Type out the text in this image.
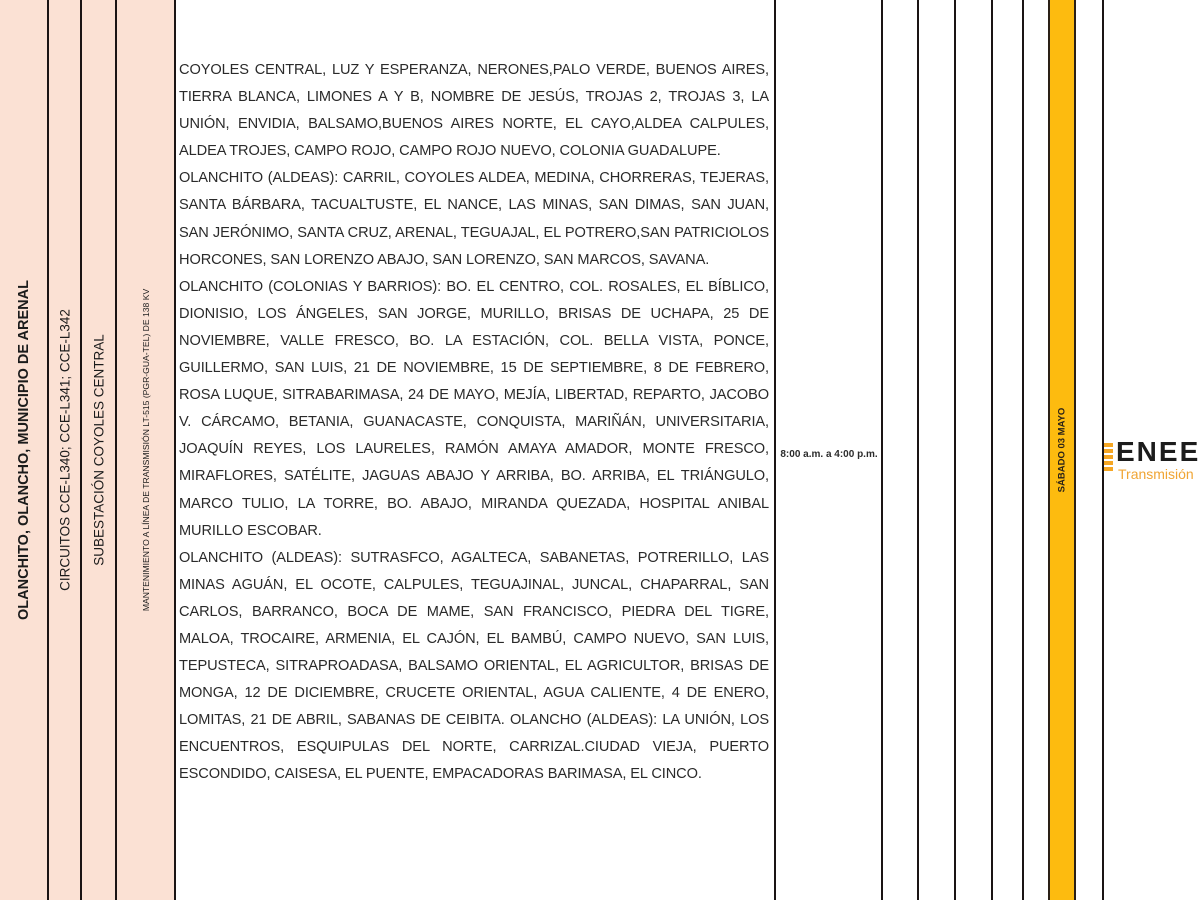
OLANCHITO, OLANCHO, MUNICIPIO DE ARENAL CIRCUITOS CCE-L340; CCE-L341; CCE-L342 SUBESTACIÓN COYOLES CENTRAL	MANTENIMIENTO A LÍNEA DE TRANSMISIÓN LT-515 (PGR-GUA-TEL) DE 138 KV

COYOLES CENTRAL, LUZ Y ESPERANZA, NERONES,PALO VERDE, BUENOS AIRES, TIERRA BLANCA, LIMONES A Y B, NOMBRE DE JESÚS, TROJAS 2, TROJAS 3, LA UNIÓN, ENVIDIA, BALSAMO,BUENOS AIRES NORTE, EL CAYO,ALDEA CALPULES, ALDEA TROJES, CAMPO ROJO, CAMPO ROJO NUEVO, COLONIA GUADALUPE.

OLANCHITO (ALDEAS): CARRIL, COYOLES ALDEA, MEDINA, CHORRERAS, TEJERAS, SANTA BÁRBARA, TACUALTUSTE, EL NANCE, LAS MINAS, SAN DIMAS, SAN JUAN, SAN JERÓNIMO, SANTA CRUZ, ARENAL, TEGUAJAL, EL POTRERO,SAN PATRICIOLOS HORCONES, SAN LORENZO ABAJO, SAN LORENZO, SAN MARCOS, SAVANA.

OLANCHITO (COLONIAS Y BARRIOS): BO. EL CENTRO, COL. ROSALES, EL BÍBLICO, DIONISIO, LOS ÁNGELES, SAN JORGE, MURILLO, BRISAS DE UCHAPA, 25 DE NOVIEMBRE, VALLE FRESCO, BO. LA ESTACIÓN, COL. BELLA VISTA, PONCE, GUILLERMO, SAN LUIS, 21 DE NOVIEMBRE, 15 DE SEPTIEMBRE, 8 DE FEBRERO, ROSA LUQUE, SITRABARIMASA, 24 DE MAYO, MEJÍA, LIBERTAD, REPARTO, JACOBO V. CÁRCAMO, BETANIA, GUANACASTE, CONQUISTA, MARIÑÁN, UNIVERSITARIA, JOAQUÍN REYES, LOS LAURELES, RAMÓN AMAYA AMADOR, MONTE FRESCO, MIRAFLORES, SATÉLITE, JAGUAS ABAJO Y ARRIBA, BO. ARRIBA, EL TRIÁNGULO, MARCO TULIO, LA TORRE, BO. ABAJO, MIRANDA QUEZADA, HOSPITAL ANIBAL MURILLO ESCOBAR.

OLANCHITO (ALDEAS): SUTRASFCO, AGALTECA, SABANETAS, POTRERILLO, LAS MINAS AGUÁN, EL OCOTE, CALPULES, TEGUAJINAL, JUNCAL, CHAPARRAL, SAN CARLOS, BARRANCO, BOCA DE MAME, SAN FRANCISCO, PIEDRA DEL TIGRE, MALOA, TROCAIRE, ARMENIA, EL CAJÓN, EL BAMBÚ, CAMPO NUEVO, SAN LUIS, TEPUSTECA, SITRAPROADASA, BALSAMO ORIENTAL, EL AGRICULTOR, BRISAS DE MONGA, 12 DE DICIEMBRE, CRUCETE ORIENTAL, AGUA CALIENTE, 4 DE ENERO, LOMITAS, 21 DE ABRIL, SABANAS DE CEIBITA. OLANCHO (ALDEAS): LA UNIÓN, LOS ENCUENTROS, ESQUIPULAS DEL NORTE, CARRIZAL.CIUDAD VIEJA, PUERTO ESCONDIDO, CAISESA, EL PUENTE, EMPACADORAS BARIMASA, EL CINCO.

8:00 a.m. a 4:00 p.m.	SÁBADO 03 MAYO ENEE
Transmisión
